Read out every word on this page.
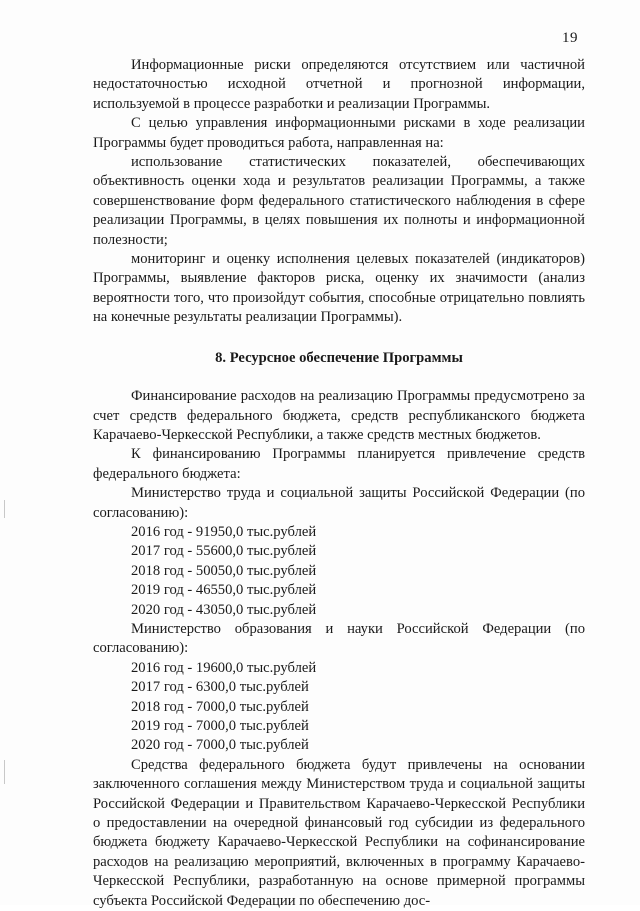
19

Информационные риски определяются отсутствием или частичной недостаточностью исходной отчетной и прогнозной информации, используемой в процессе разработки и реализации Программы.

С целью управления информационными рисками в ходе реализации Программы будет проводиться работа, направленная на:

использование статистических показателей, обеспечивающих объективность оценки хода и результатов реализации Программы, а также совершенствование форм федерального статистического наблюдения в сфере реализации Программы, в целях повышения их полноты и информационной полезности;

мониторинг и оценку исполнения целевых показателей (индикаторов) Программы, выявление факторов риска, оценку их значимости (анализ вероятности того, что произойдут события, способные отрицательно повлиять на конечные результаты реализации Программы).

8. Ресурсное обеспечение Программы

Финансирование расходов на реализацию Программы предусмотрено за счет средств федерального бюджета, средств республиканского бюджета Карачаево-Черкесской Республики, а также средств местных бюджетов.

К финансированию Программы планируется привлечение средств федерального бюджета:

Министерство труда и социальной защиты Российской Федерации (по согласованию):

2016 год - 91950,0 тыс.рублей

2017 год - 55600,0 тыс.рублей

2018 год - 50050,0 тыс.рублей

2019 год - 46550,0 тыс.рублей

2020 год - 43050,0 тыс.рублей

Министерство образования и науки Российской Федерации (по согласованию):

2016 год - 19600,0 тыс.рублей

2017 год - 6300,0 тыс.рублей

2018 год - 7000,0 тыс.рублей

2019 год - 7000,0 тыс.рублей

2020 год - 7000,0 тыс.рублей

Средства федерального бюджета будут привлечены на основании заключенного соглашения между Министерством труда и социальной защиты Российской Федерации и Правительством Карачаево-Черкесской Республики о предоставлении на очередной финансовый год субсидии из федерального бюджета бюджету Карачаево-Черкесской Республики на софинансирование расходов на реализацию мероприятий, включенных в программу Карачаево-Черкесской Республики, разработанную на основе примерной программы субъекта Российской Федерации по обеспечению дос-
